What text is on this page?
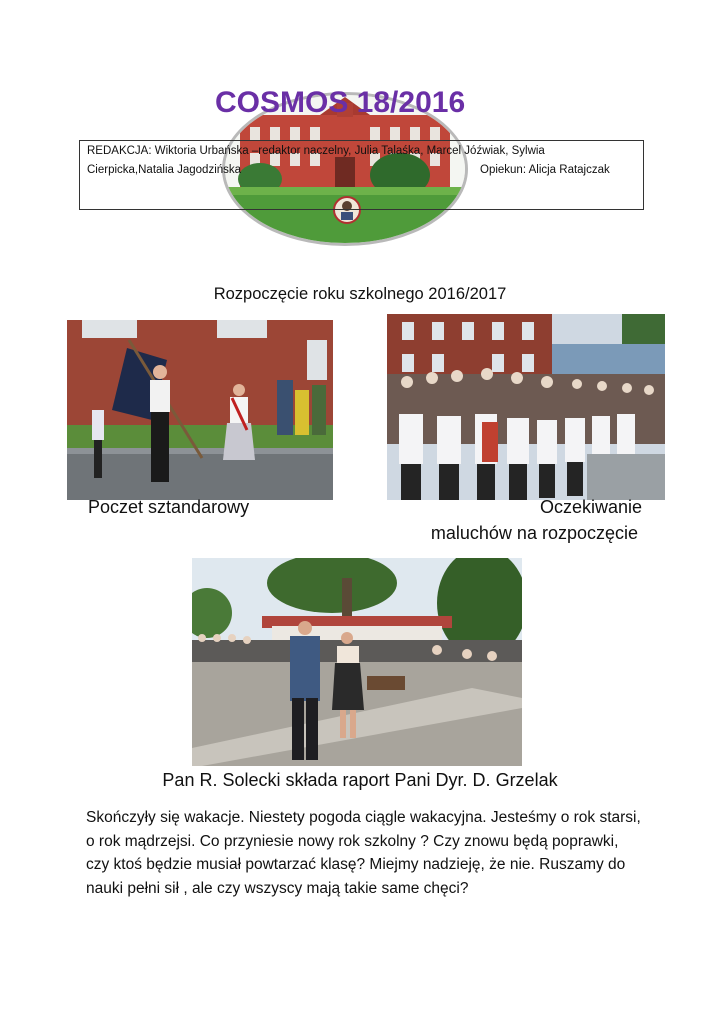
COSMOS 18/2016
REDAKCJA: Wiktoria Urbańska –redaktor naczelny, Julia Talaśka, Marcel Jóźwiak, Sylwia
Cierpicka,Natalia Jagodzińska	Opiekun: Alicja Ratajczak
Rozpoczęcie roku szkolnego 2016/2017
Poczet sztandarowy	Oczekiwanie
maluchów na rozpoczęcie
Pan R. Solecki składa raport Pani Dyr. D. Grzelak
Skończyły się wakacje. Niestety pogoda ciągle wakacyjna. Jesteśmy o rok starsi,
o rok mądrzejsi. Co przyniesie nowy rok szkolny ? Czy znowu będą poprawki,
czy ktoś będzie musiał powtarzać klasę? Miejmy nadzieję, że nie. Ruszamy do
nauki pełni sił , ale czy wszyscy mają takie same chęci?
